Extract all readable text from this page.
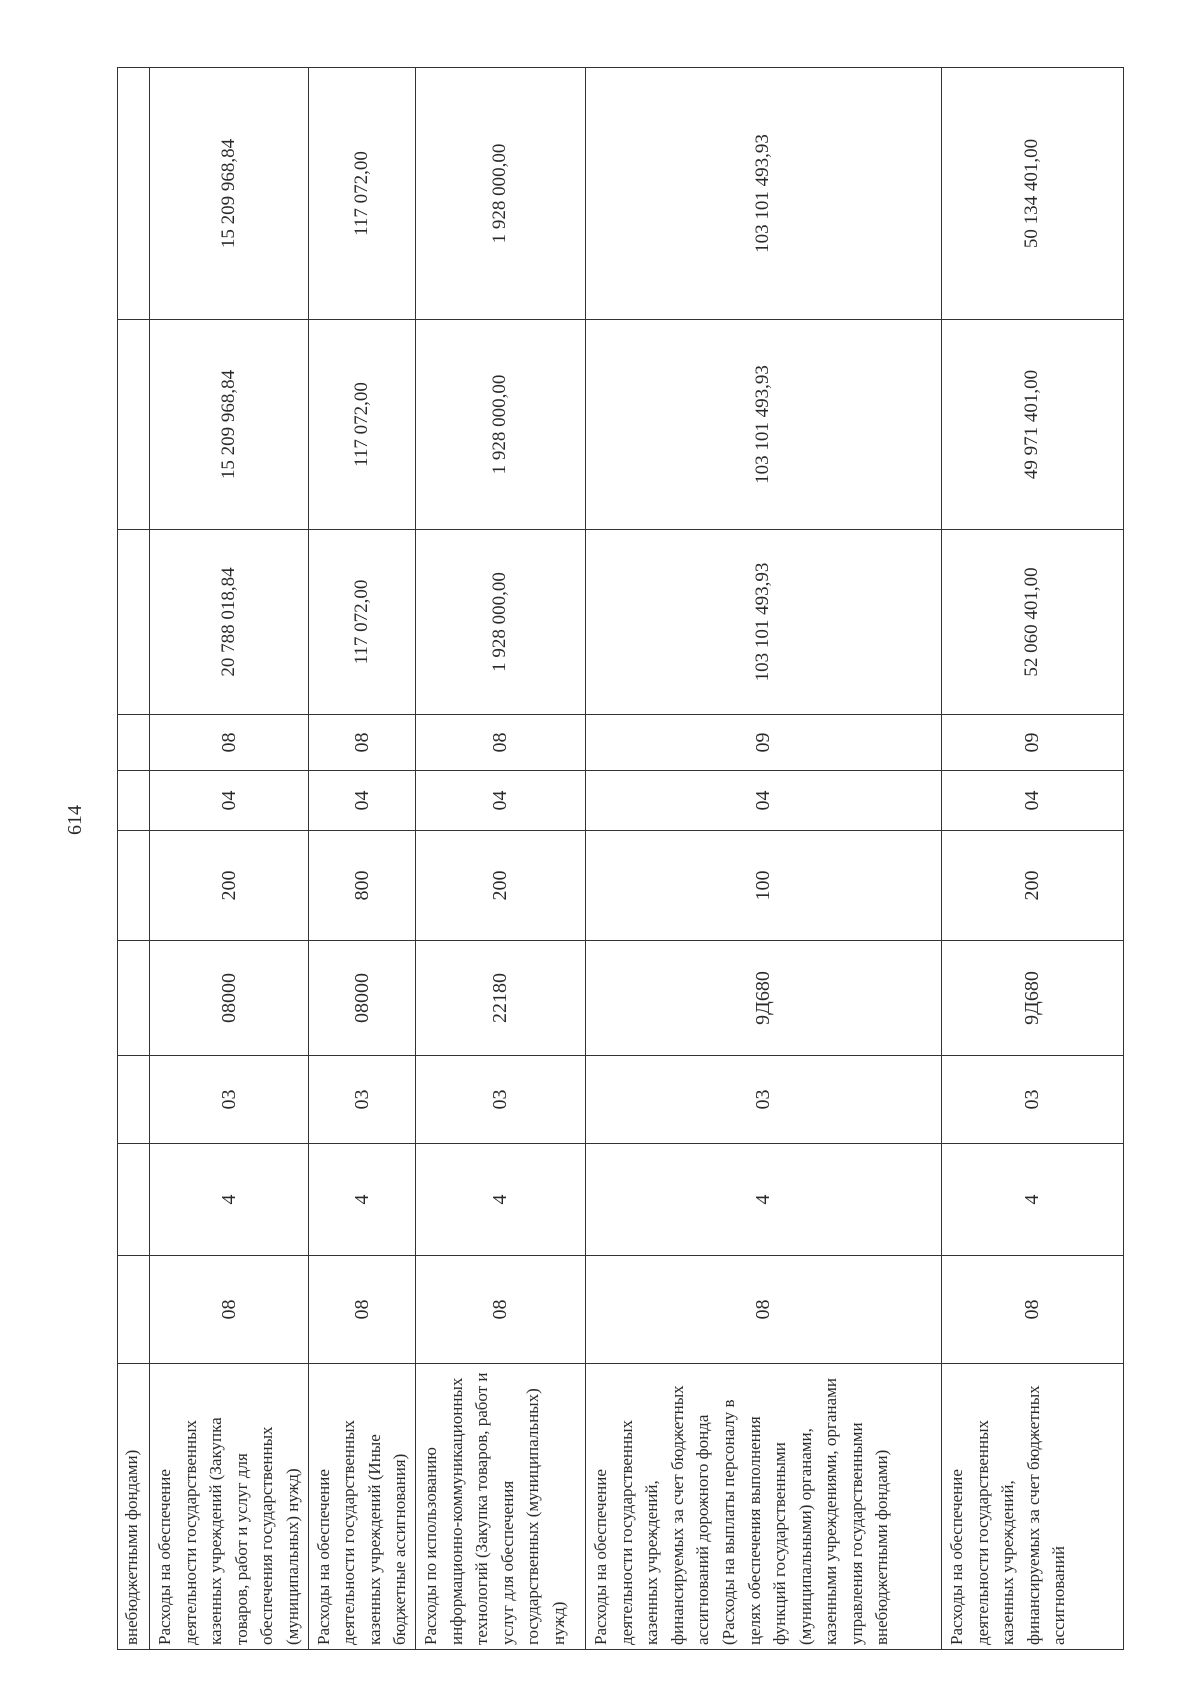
614
внебюджетными фондами)										
Расходы на обеспечение деятельности государственных казенных учреждений (Закупка товаров, работ и услуг для обеспечения государственных (муниципальных) нужд)	08	4	03	08000	200	04	08	20 788 018,84	15 209 968,84	15 209 968,84
Расходы на обеспечение деятельности государственных казенных учреждений (Иные бюджетные ассигнования)	08	4	03	08000	800	04	08	117 072,00	117 072,00	117 072,00
Расходы по использованию информационно-коммуникационных технологий (Закупка товаров, работ и услуг для обеспечения государственных (муниципальных) нужд)	08	4	03	22180	200	04	08	1 928 000,00	1 928 000,00	1 928 000,00
Расходы на обеспечение деятельности государственных казенных учреждений, финансируемых за счет бюджетных ассигнований дорожного фонда (Расходы на выплаты персоналу в целях обеспечения выполнения функций государственными (муниципальными) органами, казенными учреждениями, органами управления государственными внебюджетными фондами)	08	4	03	9Д680	100	04	09	103 101 493,93	103 101 493,93	103 101 493,93
Расходы на обеспечение деятельности государственных казенных учреждений, финансируемых за счет бюджетных ассигнований	08	4	03	9Д680	200	04	09	52 060 401,00	49 971 401,00	50 134 401,00
